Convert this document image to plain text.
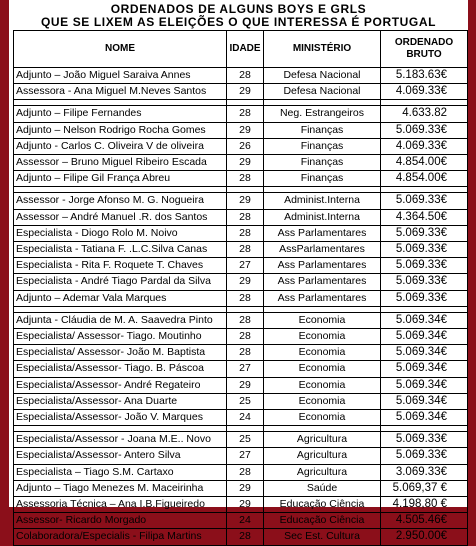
ORDENADOS DE ALGUNS BOYS E GRLS
QUE SE LIXEM AS ELEIÇÕES O QUE INTERESSA É PORTUGAL
NOME	IDADE	MINISTÉRIO	ORDENADO BRUTO
Adjunto – João Miguel Saraiva Annes	28	Defesa Nacional	5.183.63€
Assessora - Ana Miguel M.Neves Santos	29	Defesa Nacional	4.069.33€

Adjunto – Filipe Fernandes	28	Neg. Estrangeiros	4.633.82
Adjunto – Nelson Rodrigo Rocha Gomes	29	Finanças	5.069.33€
Adjunto - Carlos C. Oliveira V de oliveira	26	Finanças	4.069.33€
Assessor – Bruno Miguel Ribeiro Escada	29	Finanças	4.854.00€
Adjunto – Filipe Gil França Abreu	28	Finanças	4.854.00€

Assessor - Jorge Afonso M. G. Nogueira	29	Administ.Interna	5.069.33€
Assessor – André Manuel .R. dos Santos	28	Administ.Interna	4.364.50€
Especialista - Diogo Rolo M. Noivo	28	Ass Parlamentares	5.069.33€
Especialista - Tatiana F. .L.C.Silva Canas	28	AssParlamentares	5.069.33€
Especialista - Rita F. Roquete T. Chaves	27	Ass Parlamentares	5.069.33€
Especialista - André Tiago Pardal da Silva	29	Ass Parlamentares	5.069.33€
Adjunto – Ademar Vala Marques	28	Ass Parlamentares	5.069.33€

Adjunta - Cláudia de M. A. Saavedra Pinto	28	Economia	5.069.34€
Especialista/ Assessor- Tiago. Moutinho	28	Economia	5.069.34€
Especialista/ Assessor- João M. Baptista	28	Economia	5.069.34€
Especialista/Assessor- Tiago. B. Páscoa	27	Economia	5.069.34€
Especialista/Assessor- André Regateiro	29	Economia	5.069.34€
Especialista/Assessor- Ana Duarte	25	Economia	5.069.34€
Especialista/Assessor- João V. Marques	24	Economia	5.069.34€

Especialista/Assessor - Joana M.E.. Novo	25	Agricultura	5.069.33€
Especialista/Assessor- Antero Silva	27	Agricultura	5.069.33€
Especialista – Tiago S.M. Cartaxo	28	Agricultura	3.069.33€
Adjunto – Tiago Menezes M. Maceirinha	29	Saúde	5.069,37 €
Assessoria Técnica – Ana I.B.Figueiredo	29	Educação Ciência	4.198,80 €
Assessor- Ricardo Morgado	24	Educação Ciência	4.505.46€
Colaboradora/Especialis - Filipa Martins	28	Sec Est. Cultura	2.950.00€
